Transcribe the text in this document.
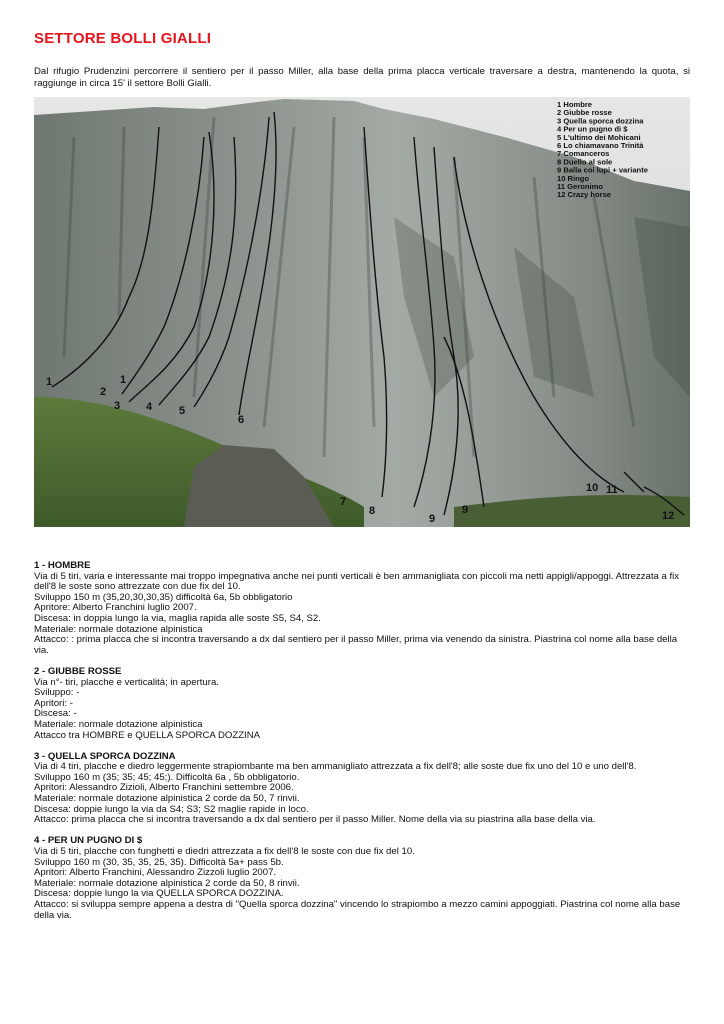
SETTORE BOLLI GIALLI
Dal rifugio Prudenzini percorrere il sentiero per il passo Miller, alla base della prima placca verticale traversare a destra, mantenendo la quota, si raggiunge in circa 15' il settore Bolli Gialli.
1 Hombre
2 Giubbe rosse
3 Quella sporca dozzina
4 Per un pugno di $
5 L'ultimo dei Mohicani
6 Lo chiamavano Trinità
7 Comanceros
8 Duello al sole
9 Balla coi lupi + variante
10 Ringo
11 Geronimo
12 Crazy horse
1
2
1
3 4 5
6
7
8
9
9
10 11
12
1 - HOMBRE

Via di 5 tiri, varia e interessante mai troppo impegnativa anche nei punti verticali è ben ammanigliata con piccoli ma netti appigli/appoggi. Attrezzata a fix dell'8 le soste sono attrezzate con due fix del 10.

Sviluppo 150 m (35,20,30,30,35) difficoltà 6a, 5b obbligatorio

Apritore: Alberto Franchini luglio 2007.

Discesa: in doppia lungo la via, maglia rapida alle soste S5, S4, S2.

Materiale: normale dotazione alpinistica

Attacco: : prima placca che si incontra traversando a dx dal sentiero per il passo Miller, prima via venendo da sinistra. Piastrina col nome alla base della via.

2 - GIUBBE ROSSE

Via n°- tiri, placche e verticalità; in apertura.

Sviluppo: -

Apritori: -

Discesa: -

Materiale: normale dotazione alpinistica

Attacco tra HOMBRE e QUELLA SPORCA DOZZINA

3 - QUELLA SPORCA DOZZINA

Via di 4 tiri, placche e diedro leggermente strapiombante ma ben ammanigliato attrezzata a fix dell'8; alle soste due fix uno del 10 e uno dell'8.

Sviluppo 160 m (35; 35; 45; 45;). Difficoltà 6a , 5b obbligatorio.

Apritori: Alessandro Zizioli, Alberto Franchini settembre 2006.

Materiale: normale dotazione alpinistica 2 corde da 50, 7 rinvii.

Discesa: doppie lungo la via da S4; S3; S2 maglie rapide in loco.

Attacco: prima placca che si incontra traversando a dx dal sentiero per il passo Miller. Nome della via su piastrina alla base della via.

4 - PER UN PUGNO DI $

Via di 5 tiri, placche con funghetti e diedri attrezzata a fix dell'8 le soste con due fix del 10.

Sviluppo 160 m (30, 35, 35, 25, 35). Difficoltà 5a+ pass 5b.

Apritori: Alberto Franchini, Alessandro Zizzoli luglio 2007.

Materiale: normale dotazione alpinistica 2 corde da 50, 8 rinvii.

Discesa: doppie lungo la via QUELLA SPORCA DOZZINA.

Attacco: si sviluppa sempre appena a destra di "Quella sporca dozzina" vincendo lo strapiombo a mezzo camini appoggiati. Piastrina col nome alla base della via.
